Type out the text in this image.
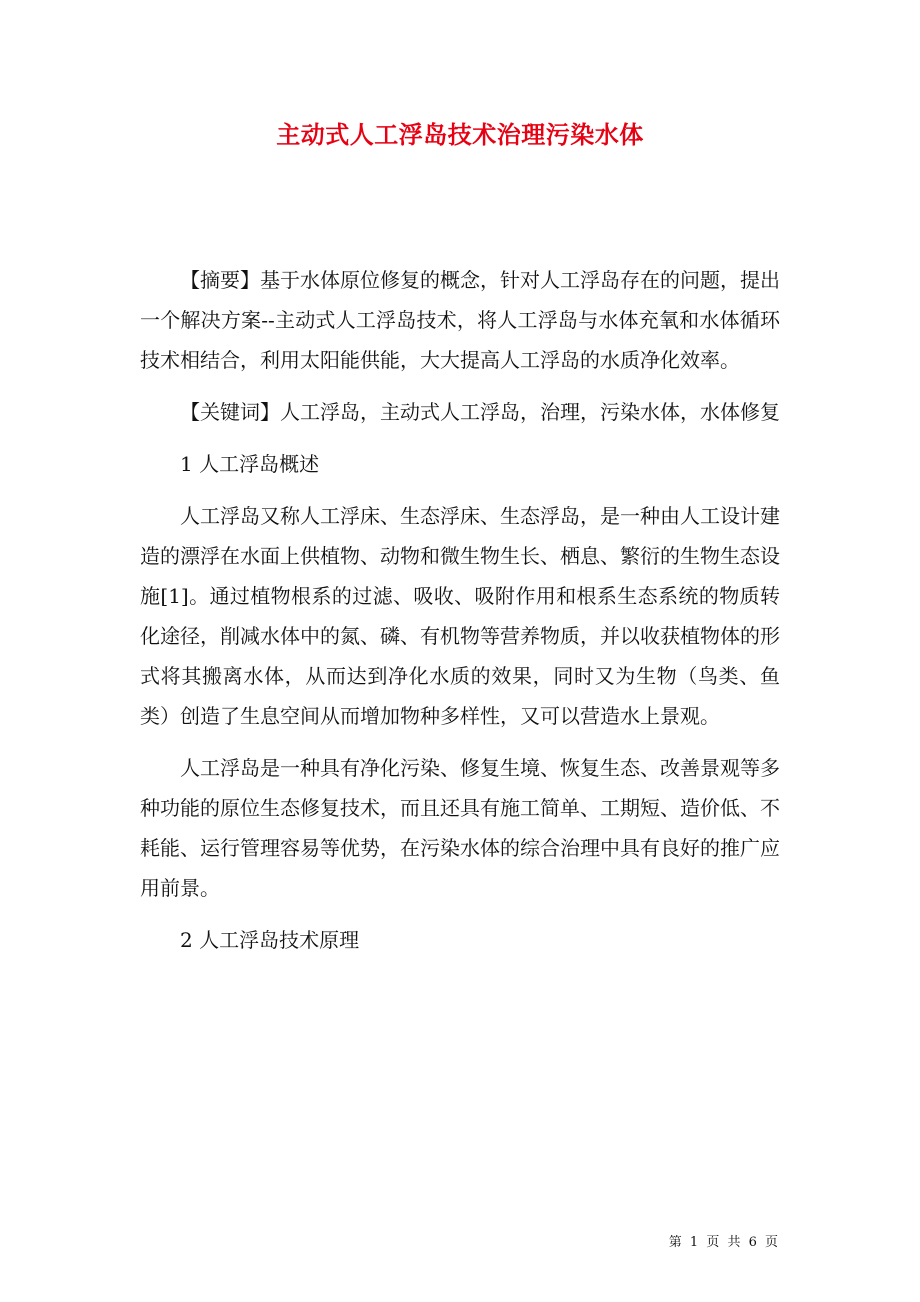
主动式人工浮岛技术治理污染水体

【摘要】基于水体原位修复的概念，针对人工浮岛存在的问题，提出一个解决方案--主动式人工浮岛技术，将人工浮岛与水体充氧和水体循环技术相结合，利用太阳能供能，大大提高人工浮岛的水质净化效率。

【关键词】人工浮岛，主动式人工浮岛，治理，污染水体，水体修复

1 人工浮岛概述

人工浮岛又称人工浮床、生态浮床、生态浮岛，是一种由人工设计建造的漂浮在水面上供植物、动物和微生物生长、栖息、繁衍的生物生态设施[1]。通过植物根系的过滤、吸收、吸附作用和根系生态系统的物质转化途径，削减水体中的氮、磷、有机物等营养物质，并以收获植物体的形式将其搬离水体，从而达到净化水质的效果，同时又为生物（鸟类、鱼类）创造了生息空间从而增加物种多样性，又可以营造水上景观。

人工浮岛是一种具有净化污染、修复生境、恢复生态、改善景观等多种功能的原位生态修复技术，而且还具有施工简单、工期短、造价低、不耗能、运行管理容易等优势，在污染水体的综合治理中具有良好的推广应用前景。

2 人工浮岛技术原理

第 1 页 共 6 页
